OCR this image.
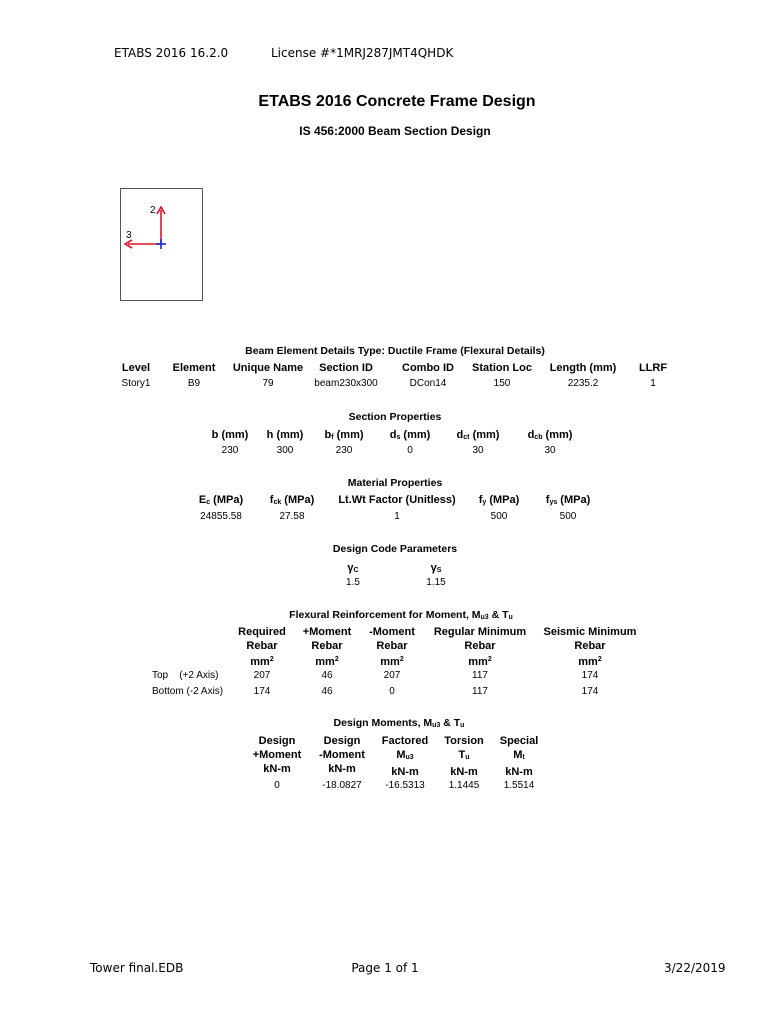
ETABS 2016 16.2.0	License #*1MRJ287JMT4QHDK
ETABS 2016 Concrete Frame Design
IS 456:2000 Beam Section Design
2
3
Beam Element Details Type: Ductile Frame (Flexural Details)
Level Element Unique Name Section ID	Combo ID Station Loc Length (mm) LLRF
Story1	B9	79	beam230x300	DCon14	150	2235.2	1
Section Properties
b (mm) h (mm) bf (mm) ds (mm) dct (mm)	dcb (mm)
230	300	230	0	30	30
Material Properties
Ec (MPa) fck (MPa) Lt.Wt Factor (Unitless) fy (MPa) fys (MPa)
24855.58	27.58	1	500	500
Design Code Parameters
γC	γS
1.5	1.15
Flexural Reinforcement for Moment, Mu3 & Tu
Required
Rebar
$mm^2$
+Moment
Rebar
$mm^2$
-Moment
Rebar
$mm^2$
Regular Minimum
Rebar
$mm^2$
Seismic Minimum
Rebar
$mm^2$
Top    (+2 Axis)	207	46	207	117	174
Bottom (-2 Axis)	174	46	0	117	174
Design Moments, Mu3 & Tu
Design
+Moment
kN-m
Design
-Moment
kN-m
Factored
Mu3
kN-m
Torsion
Tu
kN-m
Special
Mt
kN-m
0	-18.0827 -16.5313 1.1445 1.5514
Tower final.EDB	Page 1 of 1	3/22/2019
